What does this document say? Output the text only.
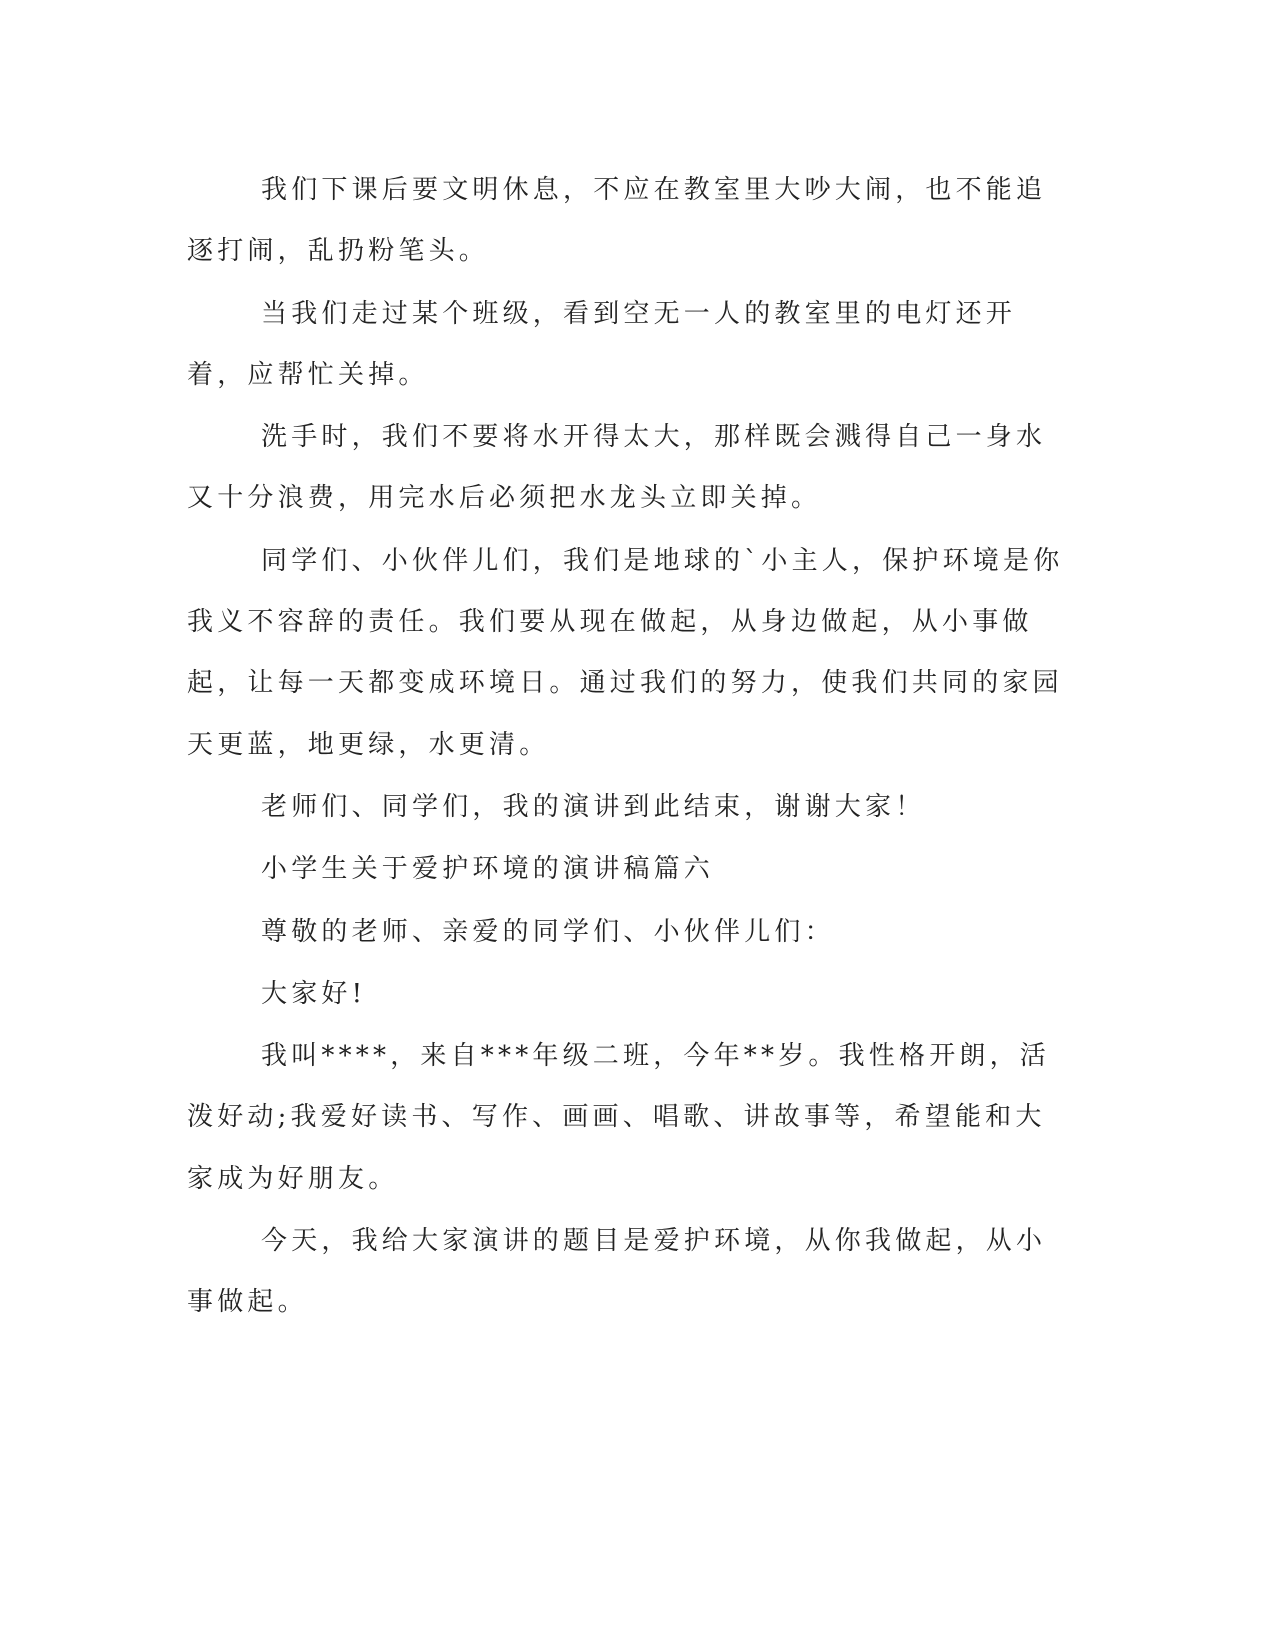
我们下课后要文明休息，不应在教室里大吵大闹，也不能追逐打闹，乱扔粉笔头。

当我们走过某个班级，看到空无一人的教室里的电灯还开着，应帮忙关掉。

洗手时，我们不要将水开得太大，那样既会溅得自己一身水又十分浪费，用完水后必须把水龙头立即关掉。

同学们、小伙伴儿们，我们是地球的`小主人，保护环境是你我义不容辞的责任。我们要从现在做起，从身边做起，从小事做起，让每一天都变成环境日。通过我们的努力，使我们共同的家园天更蓝，地更绿，水更清。

老师们、同学们，我的演讲到此结束，谢谢大家！

小学生关于爱护环境的演讲稿篇六

尊敬的老师、亲爱的同学们、小伙伴儿们：

大家好!

我叫****，来自***年级二班，今年**岁。我性格开朗，活泼好动;我爱好读书、写作、画画、唱歌、讲故事等，希望能和大家成为好朋友。

今天，我给大家演讲的题目是爱护环境，从你我做起，从小事做起。
